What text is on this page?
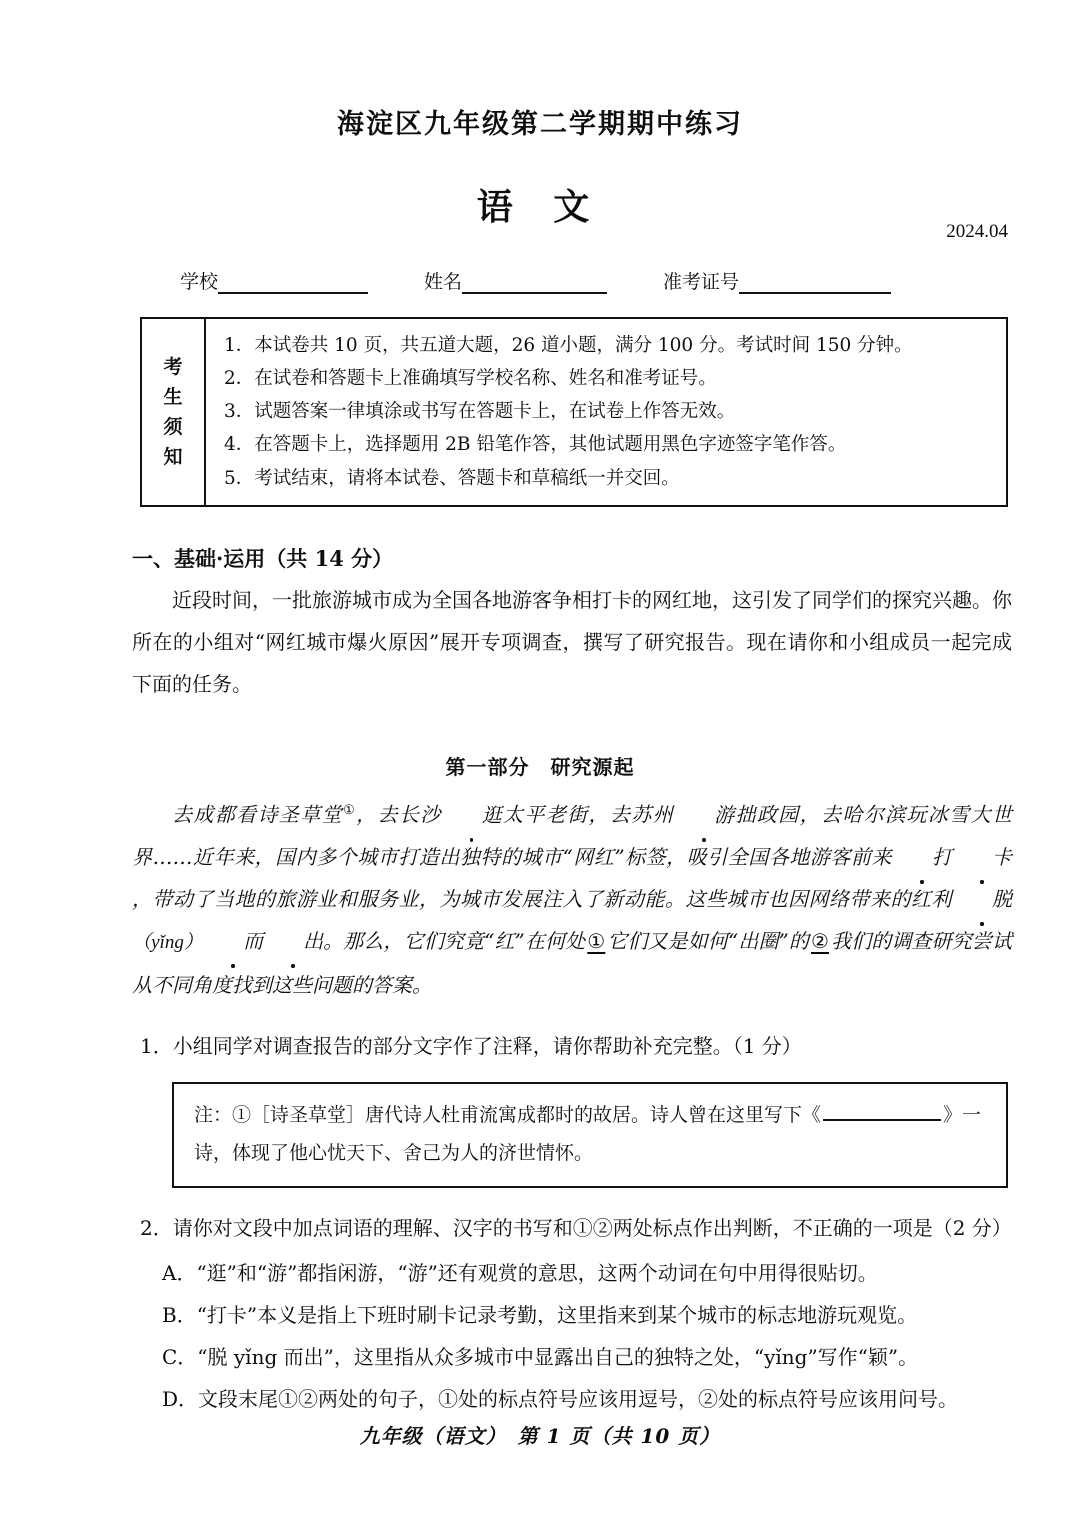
海淀区九年级第二学期期中练习
语 文
2024.04
学校	姓名	准考证号
考
生
须
知
1．本试卷共 10 页，共五道大题，26 道小题，满分 100 分。考试时间 150 分钟。
2．在试卷和答题卡上准确填写学校名称、姓名和准考证号。
3．试题答案一律填涂或书写在答题卡上，在试卷上作答无效。
4．在答题卡上，选择题用 2B 铅笔作答，其他试题用黑色字迹签字笔作答。
5．考试结束，请将本试卷、答题卡和草稿纸一并交回。
一、基础·运用（共 14 分）
近段时间，一批旅游城市成为全国各地游客争相打卡的网红地，这引发了同学们的探究兴趣。你所在的小组对“网红城市爆火原因”展开专项调查，撰写了研究报告。现在请你和小组成员一起完成下面的任务。
第一部分　研究源起
去成都看诗圣草堂①，去长沙 逛太平老街，去苏州 游拙政园，去哈尔滨玩冰雪大世界……近年来，国内多个城市打造出独特的城市“网红”标签，吸引全国各地游客前来 打 卡，带动了当地的旅游业和服务业，为城市发展注入了新动能。这些城市也因网络带来的红利 脱（yǐng） 而 出。那么，它们究竟“红”在何处 ① 它们又是如何“出圈”的 ② 我们的调查研究尝试从不同角度找到这些问题的答案。
1．小组同学对调查报告的部分文字作了注释，请你帮助补充完整。（1 分）
注：①［诗圣草堂］唐代诗人杜甫流寓成都时的故居。诗人曾在这里写下《	》一诗，体现了他心忧天下、舍己为人的济世情怀。
2．请你对文段中加点词语的理解、汉字的书写和①②两处标点作出判断，不正确的一项是（2 分）
A．“逛”和“游”都指闲游，“游”还有观赏的意思，这两个动词在句中用得很贴切。
B．“打卡”本义是指上下班时刷卡记录考勤，这里指来到某个城市的标志地游玩观览。
C．“脱 yǐng 而出”，这里指从众多城市中显露出自己的独特之处，“yǐng”写作“颖”。
D．文段末尾①②两处的句子，①处的标点符号应该用逗号，②处的标点符号应该用问号。
九年级（语文）　第 1 页（共 10 页）
